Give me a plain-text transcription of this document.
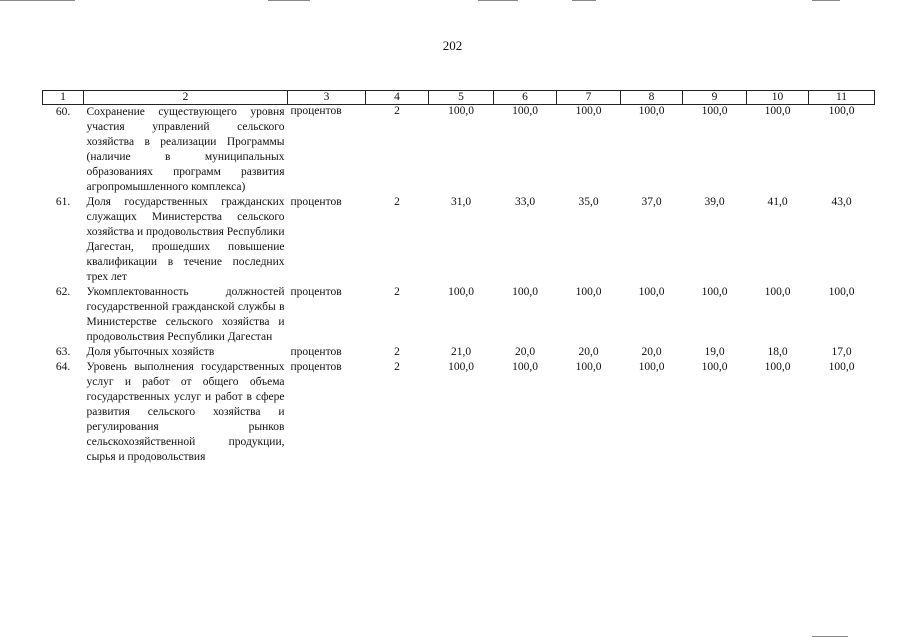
202
1	2	3	4	5	6	7	8	9	10	11
60.	Сохранение существующего уровня участия управлений сельского хозяйства в реализации Программы (наличие в муниципальных образованиях программ развития агропромышленного комплекса)	процентов	2	100,0	100,0	100,0	100,0	100,0	100,0	100,0
61.	Доля государственных гражданских служащих Министерства сельского хозяйства и продовольствия Республики Дагестан, прошедших повышение квалификации в течение последних трех лет	процентов	2	31,0	33,0	35,0	37,0	39,0	41,0	43,0
62.	Укомплектованность должностей государственной гражданской службы в Министерстве сельского хозяйства и продовольствия Республики Дагестан	процентов	2	100,0	100,0	100,0	100,0	100,0	100,0	100,0
63.	Доля убыточных хозяйств	процентов	2	21,0	20,0	20,0	20,0	19,0	18,0	17,0
64.	Уровень выполнения государственных услуг и работ от общего объема государственных услуг и работ в сфере развития сельского хозяйства и регулирования рынков сельскохозяйственной продукции, сырья и продовольствия	процентов	2	100,0	100,0	100,0	100,0	100,0	100,0	100,0
